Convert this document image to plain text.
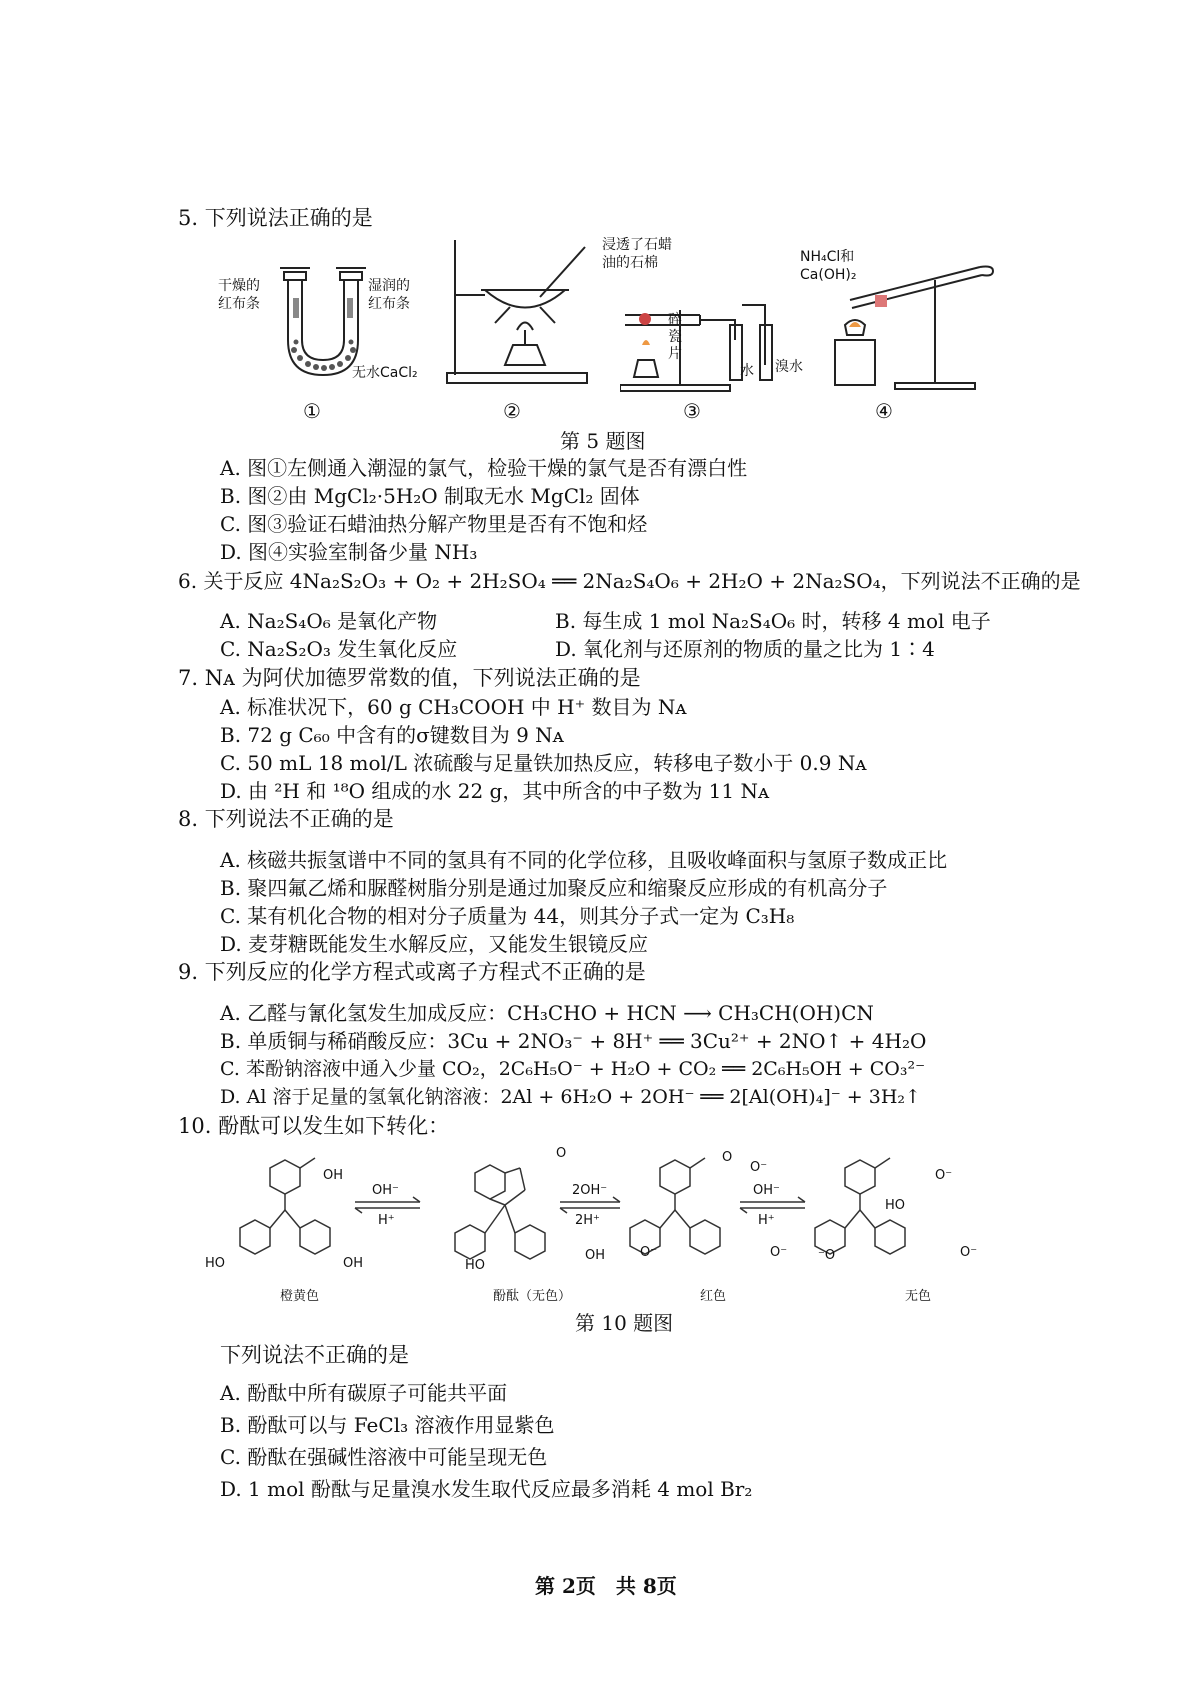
5. 下列说法正确的是
干燥的
红布条
湿润的
红布条
无水CaCl₂
浸透了石蜡
油的石棉
碎
瓷
片
水 溴水
NH₄Cl和
Ca(OH)₂
①	②	③	④
第 5 题图
A. 图①左侧通入潮湿的氯气，检验干燥的氯气是否有漂白性
B. 图②由 MgCl₂·5H₂O 制取无水 MgCl₂ 固体
C. 图③验证石蜡油热分解产物里是否有不饱和烃
D. 图④实验室制备少量 NH₃
6. 关于反应 4Na₂S₂O₃ + O₂ + 2H₂SO₄ ══ 2Na₂S₄O₆ + 2H₂O + 2Na₂SO₄，下列说法不正确的是
A. Na₂S₄O₆ 是氧化产物	B. 每生成 1 mol Na₂S₄O₆ 时，转移 4 mol 电子
C. Na₂S₂O₃ 发生氧化反应	D. 氧化剂与还原剂的物质的量之比为 1∶4
7. Nᴀ 为阿伏加德罗常数的值，下列说法正确的是
A. 标准状况下，60 g CH₃COOH 中 H⁺ 数目为 Nᴀ
B. 72 g C₆₀ 中含有的σ键数目为 9 Nᴀ
C. 50 mL 18 mol/L 浓硫酸与足量铁加热反应，转移电子数小于 0.9 Nᴀ
D. 由 ²H 和 ¹⁸O 组成的水 22 g，其中所含的中子数为 11 Nᴀ
8. 下列说法不正确的是
A. 核磁共振氢谱中不同的氢具有不同的化学位移，且吸收峰面积与氢原子数成正比
B. 聚四氟乙烯和脲醛树脂分别是通过加聚反应和缩聚反应形成的有机高分子
C. 某有机化合物的相对分子质量为 44，则其分子式一定为 C₃H₈
D. 麦芽糖既能发生水解反应，又能发生银镜反应
9. 下列反应的化学方程式或离子方程式不正确的是
A. 乙醛与氰化氢发生加成反应：CH₃CHO + HCN ⟶ CH₃CH(OH)CN
B. 单质铜与稀硝酸反应：3Cu + 2NO₃⁻ + 8H⁺ ══ 3Cu²⁺ + 2NO↑ + 4H₂O
C. 苯酚钠溶液中通入少量 CO₂，2C₆H₅O⁻ + H₂O + CO₂ ══ 2C₆H₅OH + CO₃²⁻
D. Al 溶于足量的氢氧化钠溶液：2Al + 6H₂O + 2OH⁻ ══ 2[Al(OH)₄]⁻ + 3H₂↑
10. 酚酞可以发生如下转化：
OH⁻
H⁺
2OH⁻
2H⁺
OH⁻
H⁺
OH
HO	OH
O
HO
OH
O⁻
O
O⁻	O⁻
HO
⁻O
O⁻
O⁻
橙黄色	酚酞（无色）	红色	无色
第 10 题图
下列说法不正确的是
A. 酚酞中所有碳原子可能共平面
B. 酚酞可以与 FeCl₃ 溶液作用显紫色
C. 酚酞在强碱性溶液中可能呈现无色
D. 1 mol 酚酞与足量溴水发生取代反应最多消耗 4 mol Br₂
第 2页　共 8页
